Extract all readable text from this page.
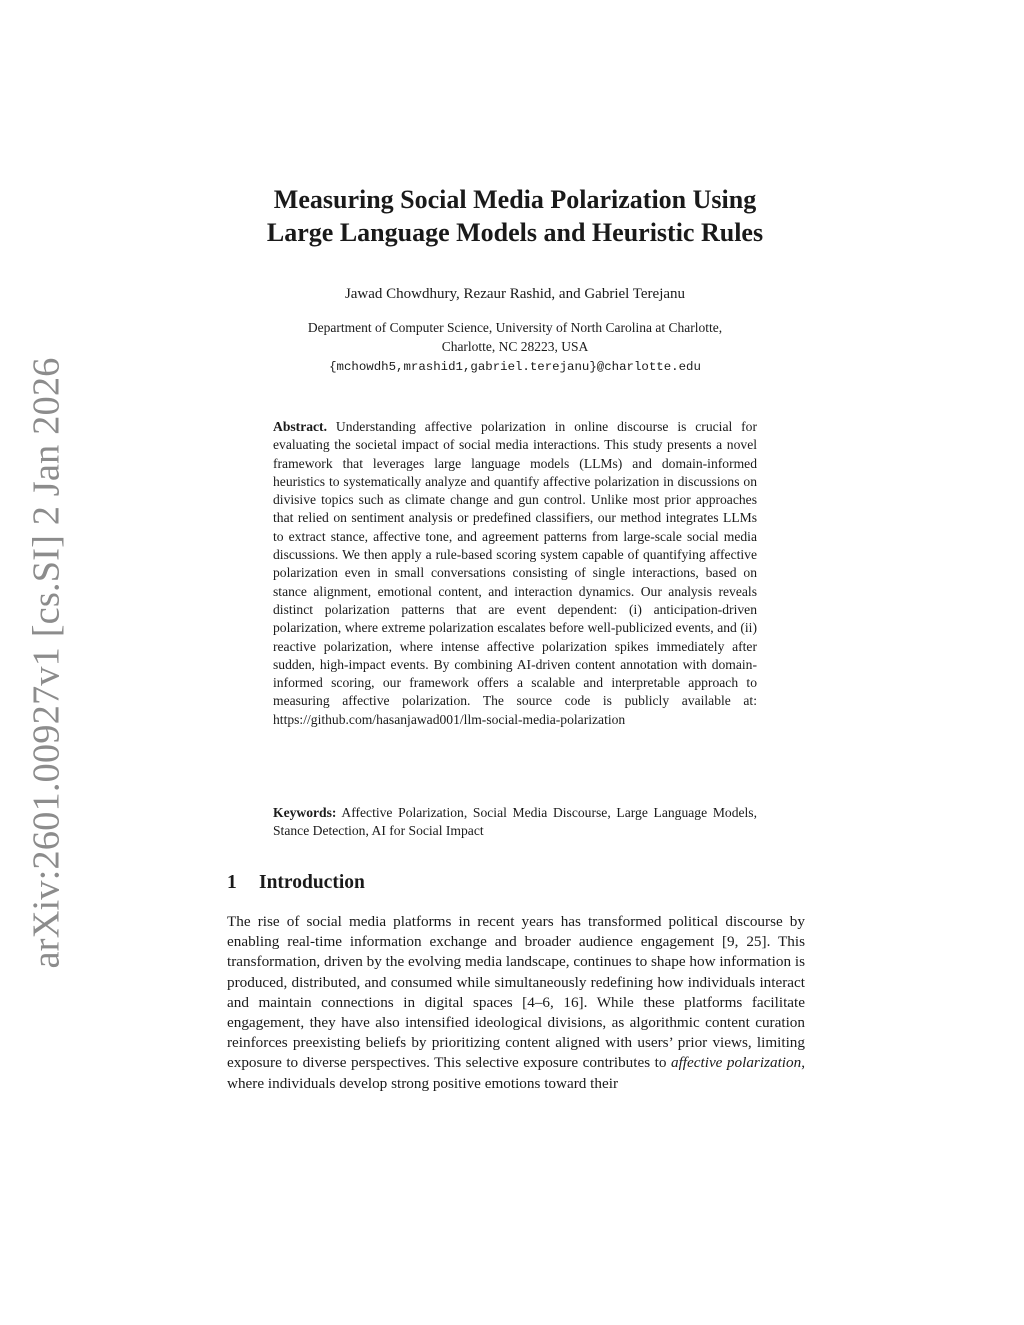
arXiv:2601.00927v1 [cs.SI] 2 Jan 2026
Measuring Social Media Polarization Using
Large Language Models and Heuristic Rules

Jawad Chowdhury, Rezaur Rashid, and Gabriel Terejanu

Department of Computer Science, University of North Carolina at Charlotte,
Charlotte, NC 28223, USA
{mchowdh5,mrashid1,gabriel.terejanu}@charlotte.edu

Abstract. Understanding affective polarization in online discourse is crucial for evaluating the societal impact of social media interactions. This study presents a novel framework that leverages large language models (LLMs) and domain-informed heuristics to systematically analyze and quantify affective polarization in discussions on divisive topics such as climate change and gun control. Unlike most prior approaches that relied on sentiment analysis or predefined classifiers, our method integrates LLMs to extract stance, affective tone, and agreement patterns from large-scale social media discussions. We then apply a rule-based scoring system capable of quantifying affective polarization even in small conversations consisting of single interactions, based on stance alignment, emotional content, and interaction dynamics. Our analysis reveals distinct polarization patterns that are event dependent: (i) anticipation-driven polarization, where extreme polarization escalates before well-publicized events, and (ii) reactive polarization, where intense affective polarization spikes immediately after sudden, high-impact events. By combining AI-driven content annotation with domain-informed scoring, our framework offers a scalable and interpretable approach to measuring affective polarization. The source code is publicly available at: https://github.com/hasanjawad001/llm-social-media-polarization

Keywords: Affective Polarization, Social Media Discourse, Large Language Models, Stance Detection, AI for Social Impact

1 Introduction

The rise of social media platforms in recent years has transformed political discourse by enabling real-time information exchange and broader audience engagement [9, 25]. This transformation, driven by the evolving media landscape, continues to shape how information is produced, distributed, and consumed while simultaneously redefining how individuals interact and maintain connections in digital spaces [4–6, 16]. While these platforms facilitate engagement, they have also intensified ideological divisions, as algorithmic content curation reinforces preexisting beliefs by prioritizing content aligned with users’ prior views, limiting exposure to diverse perspectives. This selective exposure contributes to affective polarization, where individuals develop strong positive emotions toward their
